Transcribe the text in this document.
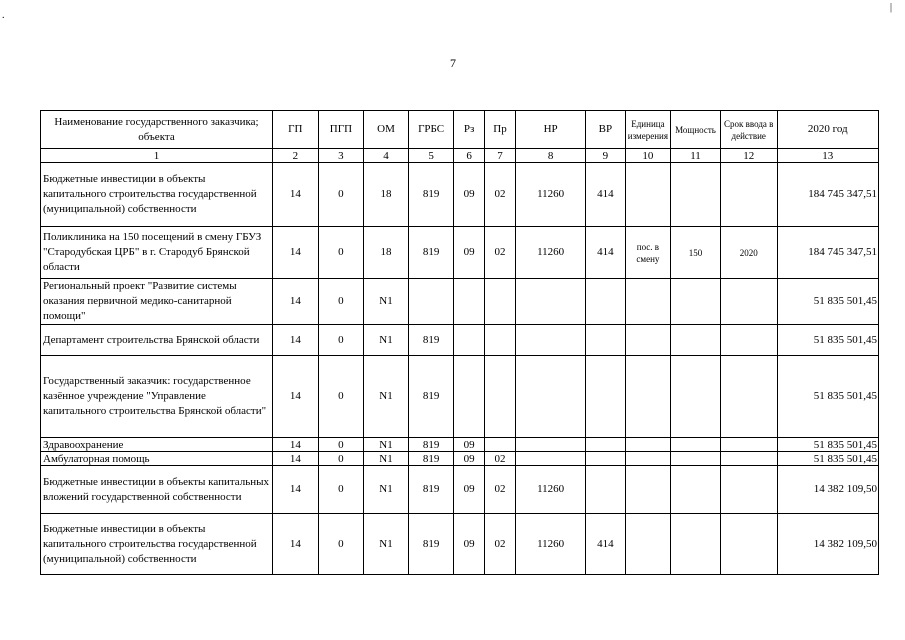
|
.
7
Наименование государственного заказчика; объекта	ГП	ПГП	ОМ	ГРБС	Рз	Пр	НР	ВР	Единица измерения	Мощность	Срок ввода в действие	2020 год
1	2	3	4	5	6	7	8	9	10	11	12	13
Бюджетные инвестиции в объекты капитального строительства государственной (муниципальной) собственности	14	0	18	819	09	02	11260	414				184 745 347,51
Поликлиника на 150 посещений в смену ГБУЗ "Стародубская ЦРБ" в г. Стародуб Брянской области	14	0	18	819	09	02	11260	414	пос. в смену	150	2020	184 745 347,51
Региональный проект "Развитие системы оказания первичной медико-санитарной помощи"	14	0	N1									51 835 501,45
Департамент строительства Брянской области	14	0	N1	819								51 835 501,45
Государственный заказчик: государственное казённое учреждение "Управление капитального строительства Брянской области"	14	0	N1	819								51 835 501,45
Здравоохранение	14	0	N1	819	09							51 835 501,45
Амбулаторная помощь	14	0	N1	819	09	02						51 835 501,45
Бюджетные инвестиции в объекты капитальных вложений государственной собственности	14	0	N1	819	09	02	11260					14 382 109,50
Бюджетные инвестиции в объекты капитального строительства государственной (муниципальной) собственности	14	0	N1	819	09	02	11260	414				14 382 109,50
